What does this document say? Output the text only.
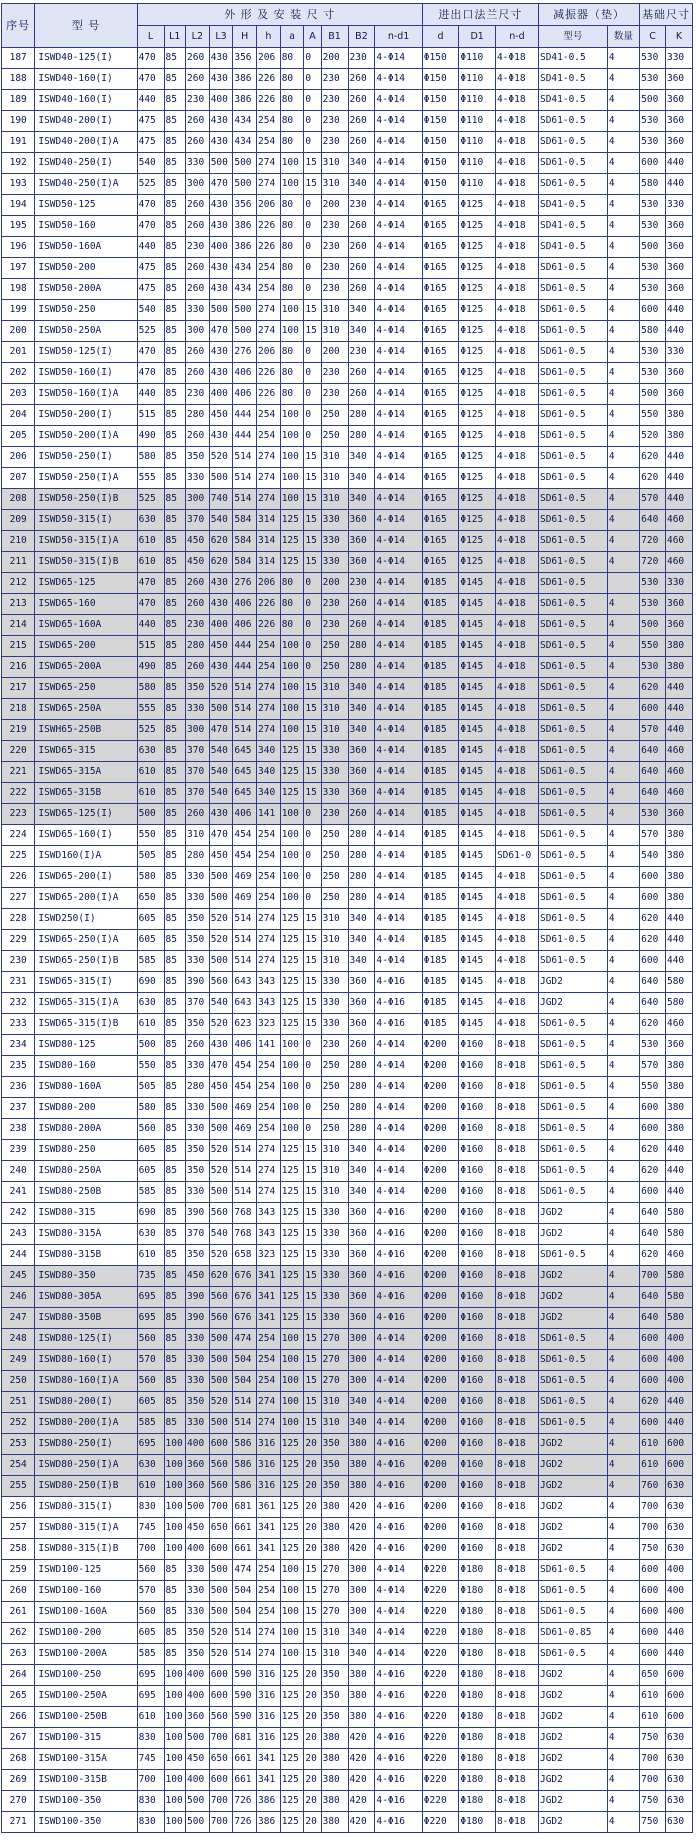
序号	型 号	外 形 及 安 装 尺 寸											进出口法兰尺寸			减振器（垫）		基础尺寸	
		L	L1	L2	L3	H	h	a	A	B1	B2	n-d1	d	D1	n-d	型号	数量	C	K
187	ISWD40-125(I)	470	85	260	430	356	206	80	0	200	230	4-Φ14	Φ150	Φ110	4-Φ18	SD41-0.5	4	530	330
188	ISWD40-160(I)	470	85	260	430	386	226	80	0	230	260	4-Φ14	Φ150	Φ110	4-Φ18	SD41-0.5	4	530	360
189	ISWD40-160(I)	440	85	230	400	386	226	80	0	230	260	4-Φ14	Φ150	Φ110	4-Φ18	SD41-0.5	4	500	360
190	ISWD40-200(I)	475	85	260	430	434	254	80	0	230	260	4-Φ14	Φ150	Φ110	4-Φ18	SD61-0.5	4	530	360
191	ISWD40-200(I)A	475	85	260	430	434	254	80	0	230	260	4-Φ14	Φ150	Φ110	4-Φ18	SD61-0.5	4	530	360
192	ISWD40-250(I)	540	85	330	500	500	274	100	15	310	340	4-Φ14	Φ150	Φ110	4-Φ18	SD61-0.5	4	600	440
193	ISWD40-250(I)A	525	85	300	470	500	274	100	15	310	340	4-Φ14	Φ150	Φ110	4-Φ18	SD61-0.5	4	580	440
194	ISWD50-125	470	85	260	430	356	206	80	0	200	230	4-Φ14	Φ165	Φ125	4-Φ18	SD41-0.5	4	530	330
195	ISWD50-160	470	85	260	430	386	226	80	0	230	260	4-Φ14	Φ165	Φ125	4-Φ18	SD41-0.5	4	530	360
196	ISWD50-160A	440	85	230	400	386	226	80	0	230	260	4-Φ14	Φ165	Φ125	4-Φ18	SD41-0.5	4	500	360
197	ISWD50-200	475	85	260	430	434	254	80	0	230	260	4-Φ14	Φ165	Φ125	4-Φ18	SD61-0.5	4	530	360
198	ISWD50-200A	475	85	260	430	434	254	80	0	230	260	4-Φ14	Φ165	Φ125	4-Φ18	SD61-0.5	4	530	360
199	ISWD50-250	540	85	330	500	500	274	100	15	310	340	4-Φ14	Φ165	Φ125	4-Φ18	SD61-0.5	4	600	440
200	ISWD50-250A	525	85	300	470	500	274	100	15	310	340	4-Φ14	Φ165	Φ125	4-Φ18	SD61-0.5	4	580	440
201	ISWD50-125(I)	470	85	260	430	276	206	80	0	200	230	4-Φ14	Φ165	Φ125	4-Φ18	SD61-0.5	4	530	330
202	ISWD50-160(I)	470	85	260	430	406	226	80	0	230	260	4-Φ14	Φ165	Φ125	4-Φ18	SD61-0.5	4	530	360
203	ISWD50-160(I)A	440	85	230	400	406	226	80	0	230	260	4-Φ14	Φ165	Φ125	4-Φ18	SD61-0.5	4	500	360
204	ISWD50-200(I)	515	85	280	450	444	254	100	0	250	280	4-Φ14	Φ165	Φ125	4-Φ18	SD61-0.5	4	550	380
205	ISWD50-200(I)A	490	85	260	430	444	254	100	0	250	280	4-Φ14	Φ165	Φ125	4-Φ18	SD61-0.5	4	520	380
206	ISWD50-250(I)	580	85	350	520	514	274	100	15	310	340	4-Φ14	Φ165	Φ125	4-Φ18	SD61-0.5	4	620	440
207	ISWD50-250(I)A	555	85	330	500	514	274	100	15	310	340	4-Φ14	Φ165	Φ125	4-Φ18	SD61-0.5	4	620	440
208	ISWD50-250(I)B	525	85	300	740	514	274	100	15	310	340	4-Φ14	Φ165	Φ125	4-Φ18	SD61-0.5	4	570	440
209	ISWD50-315(I)	630	85	370	540	584	314	125	15	330	360	4-Φ14	Φ165	Φ125	4-Φ18	SD61-0.5	4	640	460
210	ISWD50-315(I)A	610	85	450	620	584	314	125	15	330	360	4-Φ14	Φ165	Φ125	4-Φ18	SD61-0.5	4	720	460
211	ISWD50-315(I)B	610	85	450	620	584	314	125	15	330	360	4-Φ14	Φ165	Φ125	4-Φ18	SD61-0.5	4	720	460
212	ISWD65-125	470	85	260	430	276	206	80	0	200	230	4-Φ14	Φ185	Φ145	4-Φ18	SD61-0.5		530	330
213	ISWD65-160	470	85	260	430	406	226	80	0	230	260	4-Φ14	Φ185	Φ145	4-Φ18	SD61-0.5	4	530	360
214	ISWD65-160A	440	85	230	400	406	226	80	0	230	260	4-Φ14	Φ185	Φ145	4-Φ18	SD61-0.5	4	500	360
215	ISWD65-200	515	85	280	450	444	254	100	0	250	280	4-Φ14	Φ185	Φ145	4-Φ18	SD61-0.5	4	550	380
216	ISWD65-200A	490	85	260	430	444	254	100	0	250	280	4-Φ14	Φ185	Φ145	4-Φ18	SD61-0.5	4	530	380
217	ISWD65-250	580	85	350	520	514	274	100	15	310	340	4-Φ14	Φ185	Φ145	4-Φ18	SD61-0.5	4	620	440
218	ISWD65-250A	555	85	330	500	514	274	100	15	310	340	4-Φ14	Φ185	Φ145	4-Φ18	SD61-0.5	4	600	440
219	ISWH65-250B	525	85	300	470	514	274	100	15	310	340	4-Φ14	Φ185	Φ145	4-Φ18	SD61-0.5	4	570	440
220	ISWD65-315	630	85	370	540	645	340	125	15	330	360	4-Φ14	Φ185	Φ145	4-Φ18	SD61-0.5	4	640	460
221	ISWD65-315A	610	85	370	540	645	340	125	15	330	360	4-Φ14	Φ185	Φ145	4-Φ18	SD61-0.5	4	640	460
222	ISWD65-315B	610	85	370	540	645	340	125	15	330	360	4-Φ14	Φ185	Φ145	4-Φ18	SD61-0.5	4	640	460
223	ISWD65-125(I)	500	85	260	430	406	141	100	0	230	260	4-Φ14	Φ185	Φ145	4-Φ18	SD61-0.5	4	530	360
224	ISWD65-160(I)	550	85	310	470	454	254	100	0	250	280	4-Φ14	Φ185	Φ145	4-Φ18	SD61-0.5	4	570	380
225	ISWD160(I)A	505	85	280	450	454	254	100	0	250	280	4-Φ14	Φ185	Φ145	SD61-0	SD61-0.5	4	540	380
226	ISWD65-200(I)	580	85	330	500	469	254	100	0	250	280	4-Φ14	Φ185	Φ145	4-Φ18	SD61-0.5	4	600	380
227	ISWD65-200(I)A	650	85	330	500	469	254	100	0	250	280	4-Φ14	Φ185	Φ145	4-Φ18	SD61-0.5	4	600	380
228	ISWD250(I)	605	85	350	520	514	274	125	15	310	340	4-Φ14	Φ185	Φ145	4-Φ18	SD61-0.5	4	620	440
229	ISWD65-250(I)A	605	85	350	520	514	274	125	15	310	340	4-Φ14	Φ185	Φ145	4-Φ18	SD61-0.5	4	620	440
230	ISWD65-250(I)B	585	85	330	500	514	274	125	15	310	340	4-Φ14	Φ185	Φ145	4-Φ18	SD61-0.5	4	600	440
231	ISWD65-315(I)	690	85	390	560	643	343	125	15	330	360	4-Φ16	Φ185	Φ145	4-Φ18	JGD2	4	640	580
232	ISWD65-315(I)A	630	85	370	540	643	343	125	15	330	360	4-Φ16	Φ185	Φ145	4-Φ18	JGD2	4	640	580
233	ISWD65-315(I)B	610	85	350	520	623	323	125	15	330	360	4-Φ16	Φ185	Φ145	4-Φ18	SD61-0.5	4	620	460
234	ISWD80-125	500	85	260	430	406	141	100	0	230	260	4-Φ14	Φ200	Φ160	8-Φ18	SD61-0.5	4	530	360
235	ISWD80-160	550	85	330	470	454	254	100	0	250	280	4-Φ14	Φ200	Φ160	8-Φ18	SD61-0.5	4	570	380
236	ISWD80-160A	505	85	280	450	454	254	100	0	250	280	4-Φ14	Φ200	Φ160	8-Φ18	SD61-0.5	4	550	380
237	ISWD80-200	580	85	330	500	469	254	100	0	250	280	4-Φ14	Φ200	Φ160	8-Φ18	SD61-0.5	4	600	380
238	ISWD80-200A	560	85	330	500	469	254	100	0	250	280	4-Φ14	Φ200	Φ160	8-Φ18	SD61-0.5	4	600	380
239	ISWD80-250	605	85	350	520	514	274	125	15	310	340	4-Φ14	Φ200	Φ160	8-Φ18	SD61-0.5	4	620	440
240	ISWD80-250A	605	85	350	520	514	274	125	15	310	340	4-Φ14	Φ200	Φ160	8-Φ18	SD61-0.5	4	620	440
241	ISWD80-250B	585	85	330	500	514	274	125	15	310	340	4-Φ14	Φ200	Φ160	8-Φ18	SD61-0.5	4	600	440
242	ISWD80-315	690	85	390	560	768	343	125	15	330	360	4-Φ16	Φ200	Φ160	8-Φ18	JGD2	4	640	580
243	ISWD80-315A	630	85	370	540	768	343	125	15	330	360	4-Φ16	Φ200	Φ160	8-Φ18	JGD2	4	640	580
244	ISWD80-315B	610	85	350	520	658	323	125	15	330	360	4-Φ16	Φ200	Φ160	8-Φ18	SD61-0.5	4	620	460
245	ISWD80-350	735	85	450	620	676	341	125	15	330	360	4-Φ16	Φ200	Φ160	8-Φ18	JGD2	4	700	580
246	ISWD80-305A	695	85	390	560	676	341	125	15	330	360	4-Φ16	Φ200	Φ160	8-Φ18	JGD2	4	640	580
247	ISWD80-350B	695	85	390	560	676	341	125	15	330	360	4-Φ16	Φ200	Φ160	8-Φ18	JGD2	4	640	580
248	ISWD80-125(I)	560	85	330	500	474	254	100	15	270	300	4-Φ14	Φ200	Φ160	8-Φ18	SD61-0.5	4	600	400
249	ISWD80-160(I)	570	85	330	500	504	254	100	15	270	300	4-Φ14	Φ200	Φ160	8-Φ18	SD61-0.5	4	600	400
250	ISWD80-160(I)A	560	85	330	500	504	254	100	15	270	300	4-Φ14	Φ200	Φ160	8-Φ18	SD61-0.5	4	600	400
251	ISWD80-200(I)	605	85	350	520	514	274	100	15	310	340	4-Φ14	Φ200	Φ160	8-Φ18	SD61-0.5	4	620	440
252	ISWD80-200(I)A	585	85	330	500	514	274	100	15	310	340	4-Φ14	Φ200	Φ160	8-Φ18	SD61-0.5	4	600	440
253	ISWD80-250(I)	695	100	400	600	586	316	125	20	350	380	4-Φ16	Φ200	Φ160	8-Φ18	JGD2	4	610	600
254	ISWD80-250(I)A	630	100	360	560	586	316	125	20	350	380	4-Φ16	Φ200	Φ160	8-Φ18	JGD2	4	610	600
255	ISWD80-250(I)B	610	100	360	560	586	316	125	20	350	380	4-Φ16	Φ200	Φ160	8-Φ18	JGD2	4	760	630
256	ISWD80-315(I)	830	100	500	700	681	361	125	20	380	420	4-Φ16	Φ200	Φ160	8-Φ18	JGD2	4	700	630
257	ISWD80-315(I)A	745	100	450	650	661	341	125	20	380	420	4-Φ16	Φ200	Φ160	8-Φ18	JGD2	4	700	630
258	ISWD80-315(I)B	700	100	400	600	661	341	125	20	380	420	4-Φ16	Φ200	Φ160	8-Φ18	JGD2	4	750	630
259	ISWD100-125	560	85	330	500	474	254	100	15	270	300	4-Φ14	Φ220	Φ180	8-Φ18	SD61-0.5	4	600	400
260	ISWD100-160	570	85	330	500	504	254	100	15	270	300	4-Φ14	Φ220	Φ180	8-Φ18	SD61-0.5	4	600	400
261	ISWD100-160A	560	85	330	500	504	254	100	15	270	300	4-Φ14	Φ220	Φ180	8-Φ18	SD61-0.5	4	600	400
262	ISWD100-200	605	85	350	520	514	274	100	15	310	340	4-Φ14	Φ220	Φ180	8-Φ18	SD61-0.85	4	600	440
263	ISWD100-200A	585	85	350	520	514	274	100	15	310	340	4-Φ14	Φ220	Φ180	8-Φ18	SD61-0.5	4	600	440
264	ISWD100-250	695	100	400	600	590	316	125	20	350	380	4-Φ16	Φ220	Φ180	8-Φ18	JGD2	4	650	600
265	ISWD100-250A	695	100	400	600	590	316	125	20	350	380	4-Φ16	Φ220	Φ180	8-Φ18	JGD2	4	610	600
266	ISWD100-250B	610	100	360	560	590	316	125	20	350	380	4-Φ16	Φ220	Φ180	8-Φ18	JGD2	4	610	600
267	ISWD100-315	830	100	500	700	681	316	125	20	380	420	4-Φ16	Φ220	Φ180	8-Φ18	JGD2	4	750	630
268	ISWD100-315A	745	100	450	650	661	341	125	20	380	420	4-Φ16	Φ220	Φ180	8-Φ18	JGD2	4	700	630
269	ISWD100-315B	700	100	400	600	661	341	125	20	380	420	4-Φ16	Φ220	Φ180	8-Φ18	JGD2	4	700	630
270	ISWD100-350	830	100	500	700	726	386	125	20	380	420	4-Φ16	Φ220	Φ180	8-Φ18	JGD2	4	750	630
271	ISWD100-350	830	100	500	700	726	386	125	20	380	420	4-Φ16	Φ220	Φ180	8-Φ18	JGD2	4	750	630
